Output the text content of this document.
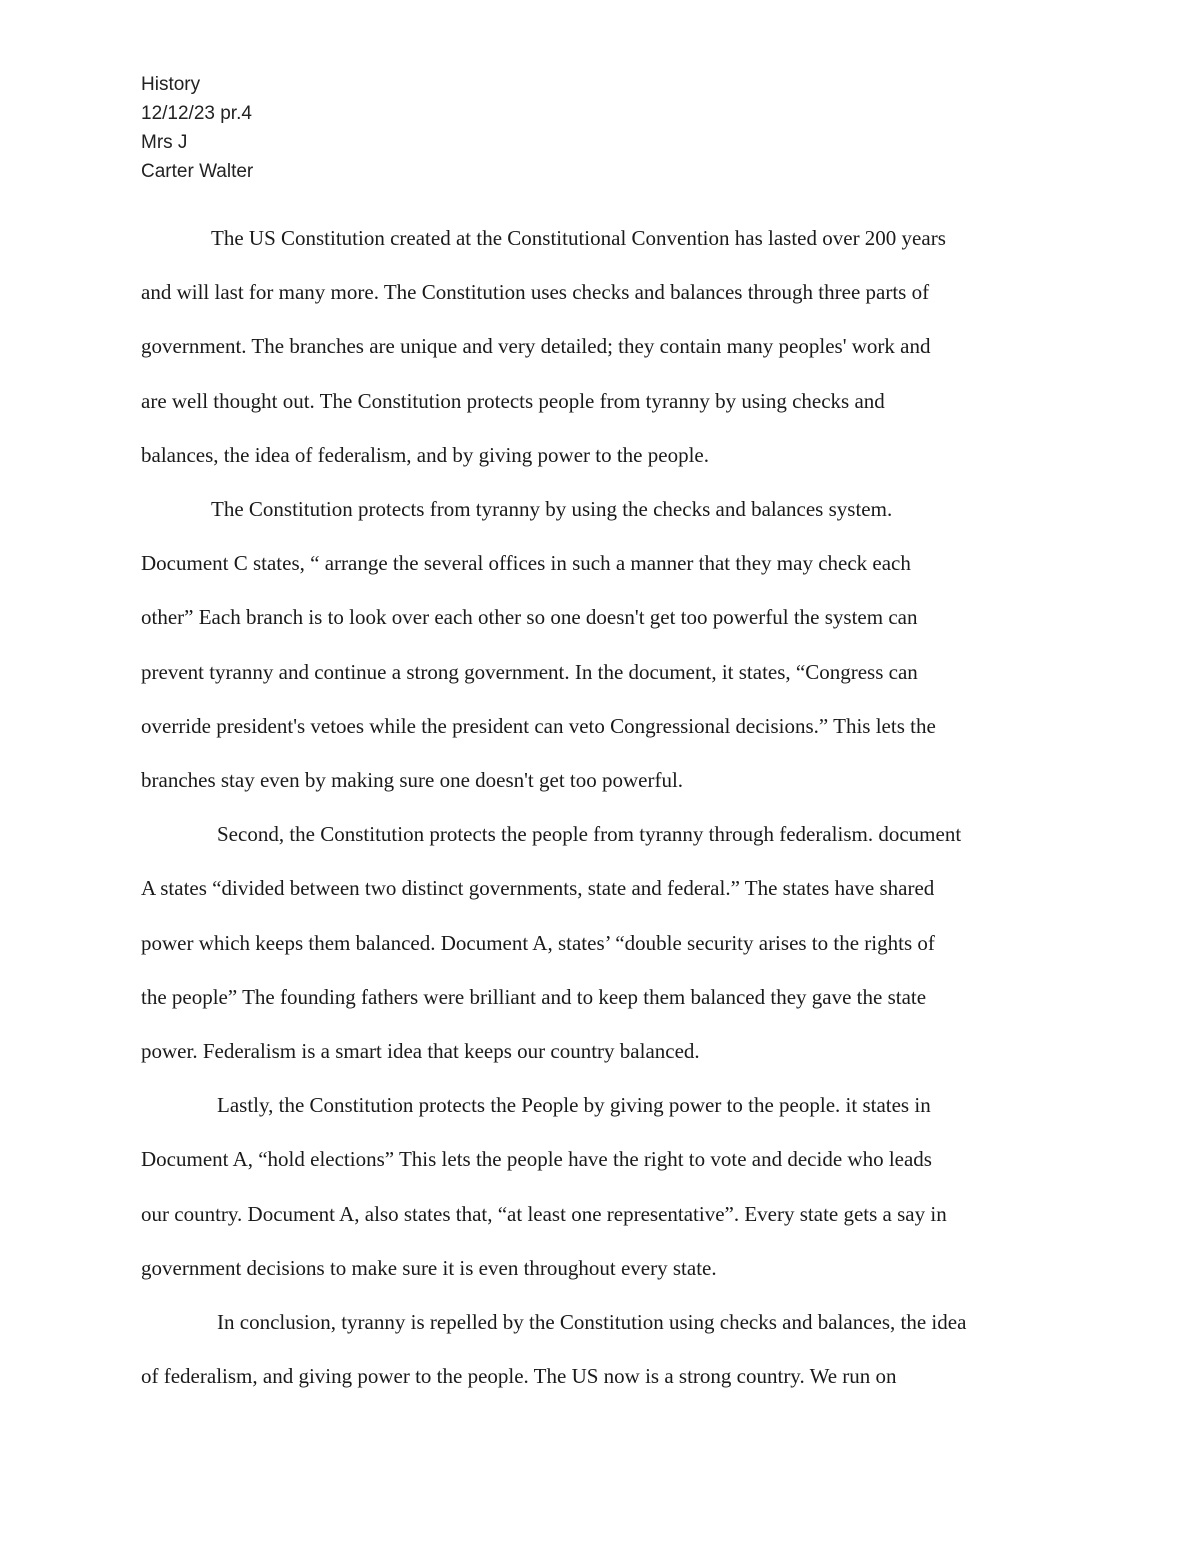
History
12/12/23 pr.4
Mrs J
Carter Walter
The US Constitution created at the Constitutional Convention has lasted over 200 years
and will last for many more. The Constitution uses checks and balances through three parts of
government. The branches are unique and very detailed; they contain many peoples' work and
are well thought out. The Constitution protects people from tyranny by using checks and
balances, the idea of federalism, and by giving power to the people.
The Constitution protects from tyranny by using the checks and balances system.
Document C states, “ arrange the several offices in such a manner that they may check each
other” Each branch is to look over each other so one doesn't get too powerful the system can
prevent tyranny and continue a strong government. In the document, it states, “Congress can
override president's vetoes while the president can veto Congressional decisions.” This lets the
branches stay even by making sure one doesn't get too powerful.
Second, the Constitution protects the people from tyranny through federalism. document
A states “divided between two distinct governments, state and federal.” The states have shared
power which keeps them balanced. Document A, states’ “double security arises to the rights of
the people” The founding fathers were brilliant and to keep them balanced they gave the state
power. Federalism is a smart idea that keeps our country balanced.
Lastly, the Constitution protects the People by giving power to the people. it states in
Document A, “hold elections” This lets the people have the right to vote and decide who leads
our country. Document A, also states that, “at least one representative”. Every state gets a say in
government decisions to make sure it is even throughout every state.
In conclusion, tyranny is repelled by the Constitution using checks and balances, the idea
of federalism, and giving power to the people. The US now is a strong country. We run on
